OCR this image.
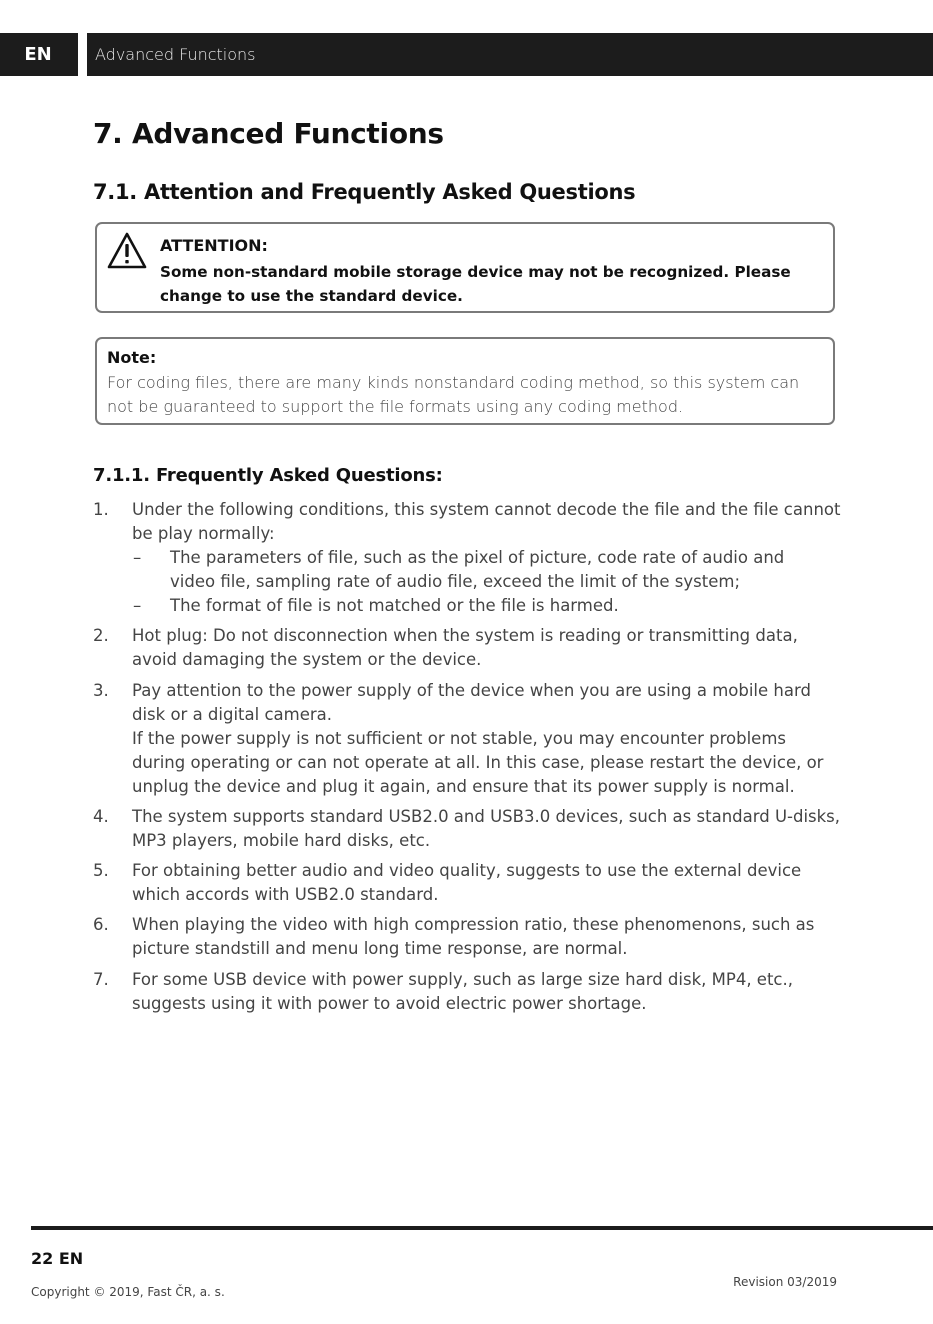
EN	Advanced Functions
7. Advanced Functions
7.1. Attention and Frequently Asked Questions
ATTENTION:
Some non-standard mobile storage device may not be recognized. Please change to use the standard device.
Note:
For coding files, there are many kinds nonstandard coding method, so this system can not be guaranteed to support the file formats using any coding method.
7.1.1. Frequently Asked Questions:
1. Under the following conditions, this system cannot decode the file and the file cannot be play normally:
– The parameters of file, such as the pixel of picture, code rate of audio and video file, sampling rate of audio file, exceed the limit of the system;
– The format of file is not matched or the file is harmed.
2. Hot plug: Do not disconnection when the system is reading or transmitting data, avoid damaging the system or the device.
3. Pay attention to the power supply of the device when you are using a mobile hard disk or a digital camera.
If the power supply is not sufficient or not stable, you may encounter problems during operating or can not operate at all. In this case, please restart the device, or unplug the device and plug it again, and ensure that its power supply is normal.
4. The system supports standard USB2.0 and USB3.0 devices, such as standard U-disks, MP3 players, mobile hard disks, etc.
5. For obtaining better audio and video quality, suggests to use the external device which accords with USB2.0 standard.
6. When playing the video with high compression ratio, these phenomenons, such as picture standstill and menu long time response, are normal.
7. For some USB device with power supply, such as large size hard disk, MP4, etc., suggests using it with power to avoid electric power shortage.
22 EN
Revision 03/2019
Copyright © 2019, Fast ČR, a. s.
